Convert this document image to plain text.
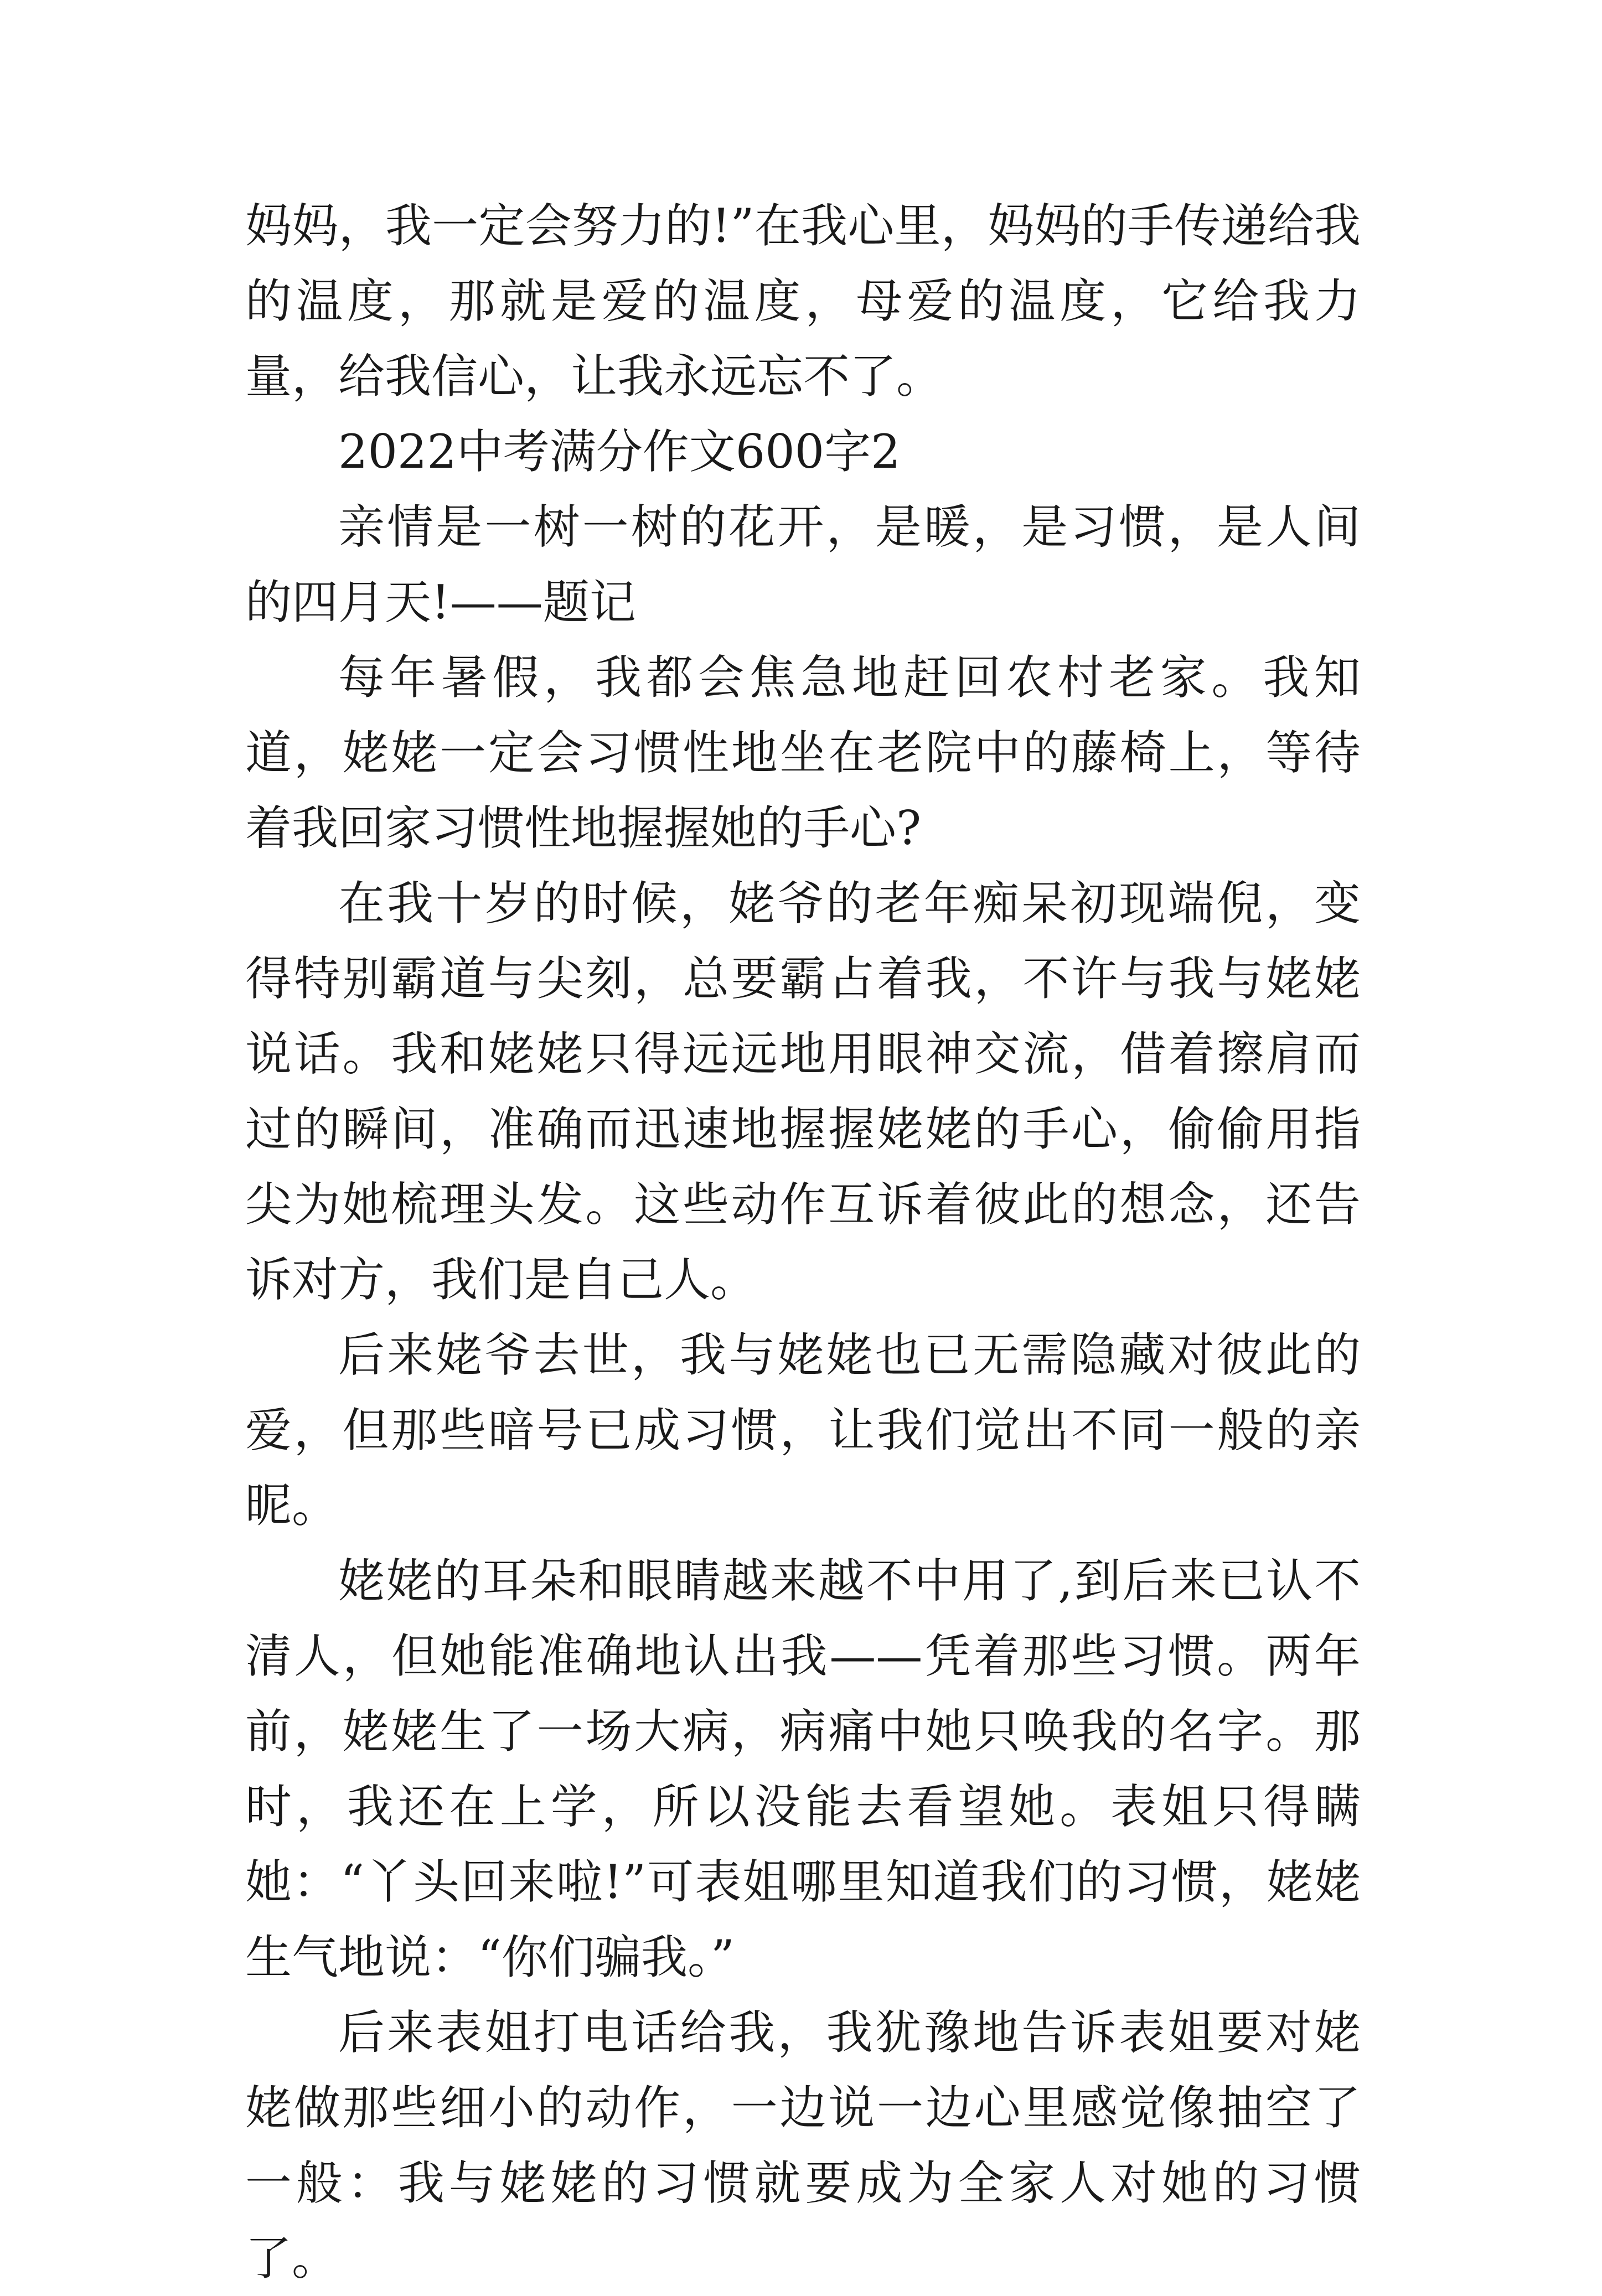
妈妈，我一定会努力的!”在我心里，妈妈的手传递给我的温度，那就是爱的温度，母爱的温度，它给我力量，给我信心，让我永远忘不了。

2022中考满分作文600字2

亲情是一树一树的花开，是暖，是习惯，是人间的四月天!——题记

每年暑假，我都会焦急地赶回农村老家。我知道，姥姥一定会习惯性地坐在老院中的藤椅上，等待着我回家习惯性地握握她的手心?

在我十岁的时候，姥爷的老年痴呆初现端倪，变得特别霸道与尖刻，总要霸占着我，不许与我与姥姥说话。我和姥姥只得远远地用眼神交流，借着擦肩而过的瞬间，准确而迅速地握握姥姥的手心，偷偷用指尖为她梳理头发。这些动作互诉着彼此的想念，还告诉对方，我们是自己人。

后来姥爷去世，我与姥姥也已无需隐藏对彼此的爱，但那些暗号已成习惯，让我们觉出不同一般的亲昵。

姥姥的耳朵和眼睛越来越不中用了,到后来已认不清人，但她能准确地认出我——凭着那些习惯。两年前，姥姥生了一场大病，病痛中她只唤我的名字。那时，我还在上学，所以没能去看望她。表姐只得瞒她：“丫头回来啦!”可表姐哪里知道我们的习惯，姥姥生气地说：“你们骗我。”

后来表姐打电话给我，我犹豫地告诉表姐要对姥姥做那些细小的动作，一边说一边心里感觉像抽空了一般：我与姥姥的习惯就要成为全家人对她的习惯了。
